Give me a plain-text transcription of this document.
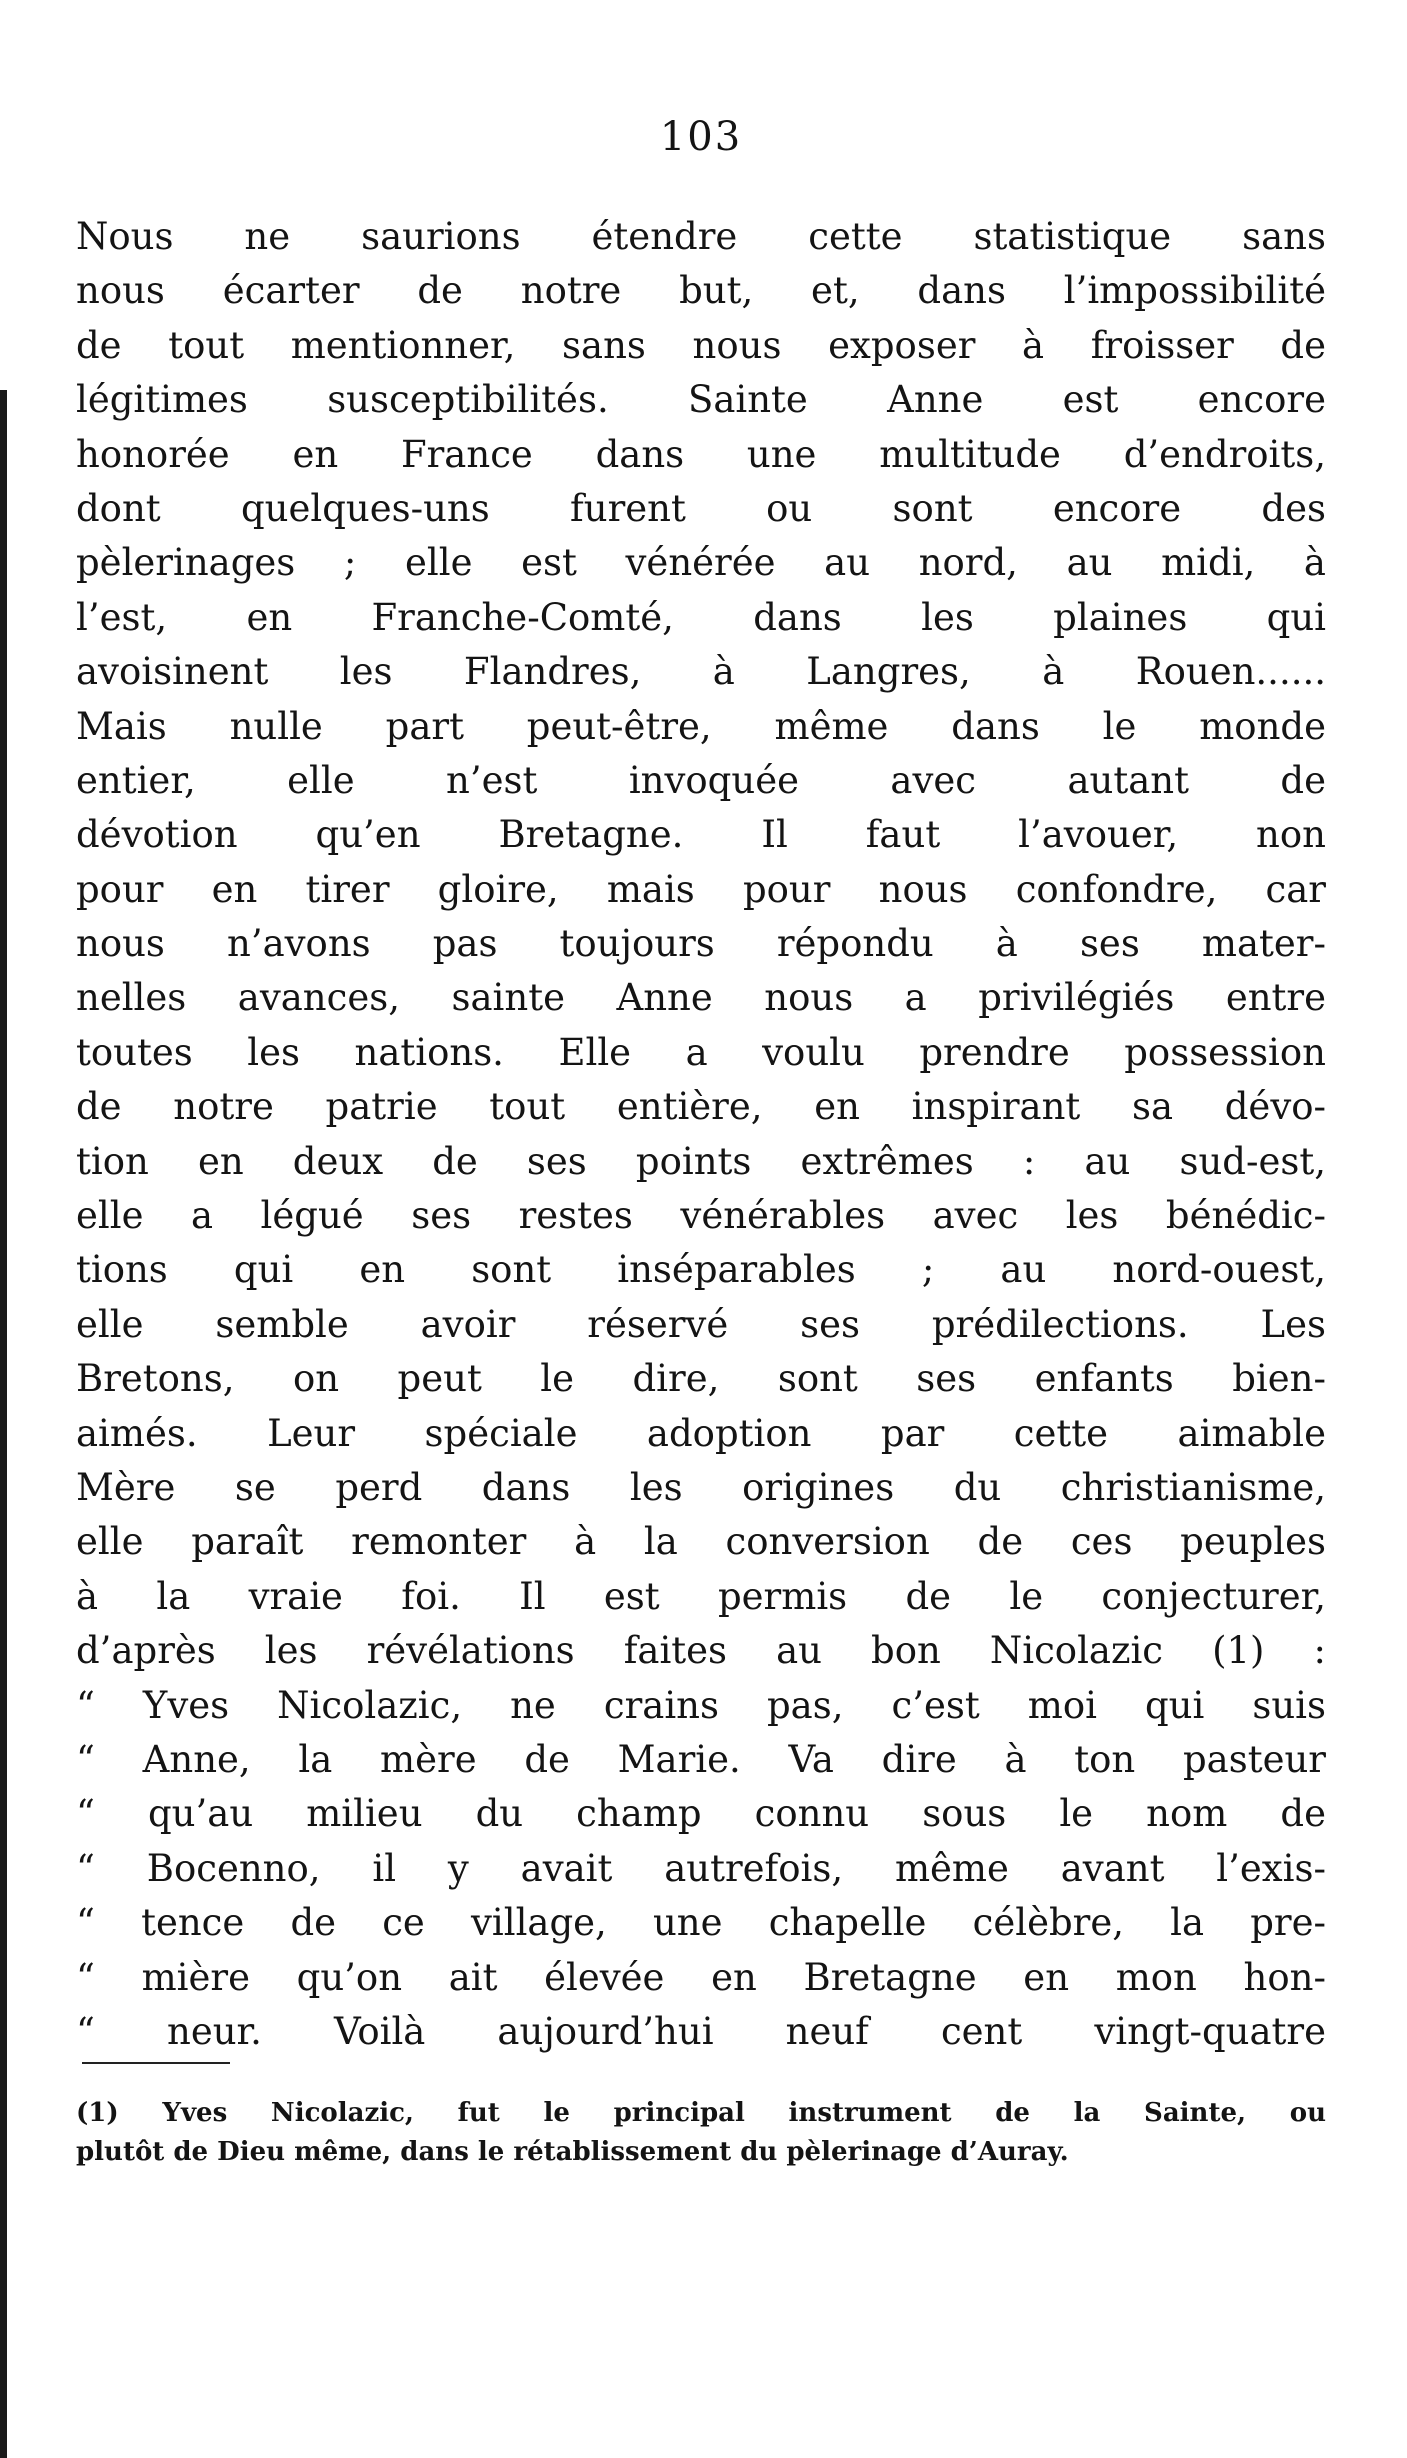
103
Nous ne saurions étendre cette statistique sans
nous écarter de notre but, et, dans l’impossibilité
de tout mentionner, sans nous exposer à froisser de
légitimes susceptibilités. Sainte Anne est encore
honorée en France dans une multitude d’endroits,
dont quelques-uns furent ou sont encore des
pèlerinages ; elle est vénérée au nord, au midi, à
l’est, en Franche-Comté, dans les plaines qui
avoisinent les Flandres, à Langres, à Rouen......
Mais nulle part peut-être, même dans le monde
entier, elle n’est invoquée avec autant de
dévotion qu’en Bretagne. Il faut l’avouer, non
pour en tirer gloire, mais pour nous confondre, car
nous n’avons pas toujours répondu à ses mater-
nelles avances, sainte Anne nous a privilégiés entre
toutes les nations. Elle a voulu prendre possession
de notre patrie tout entière, en inspirant sa dévo-
tion en deux de ses points extrêmes : au sud-est,
elle a légué ses restes vénérables avec les bénédic-
tions qui en sont inséparables ; au nord-ouest,
elle semble avoir réservé ses prédilections. Les
Bretons, on peut le dire, sont ses enfants bien-
aimés. Leur spéciale adoption par cette aimable
Mère se perd dans les origines du christianisme,
elle paraît remonter à la conversion de ces peuples
à la vraie foi. Il est permis de le conjecturer,
d’après les révélations faites au bon Nicolazic (1) :
“ Yves Nicolazic, ne crains pas, c’est moi qui suis
“ Anne, la mère de Marie. Va dire à ton pasteur
“ qu’au milieu du champ connu sous le nom de
“ Bocenno, il y avait autrefois, même avant l’exis-
“ tence de ce village, une chapelle célèbre, la pre-
“ mière qu’on ait élevée en Bretagne en mon hon-
“ neur. Voilà aujourd’hui neuf cent vingt-quatre
(1) Yves Nicolazic, fut le principal instrument de la Sainte, ou
plutôt de Dieu même, dans le rétablissement du pèlerinage d’Auray.
